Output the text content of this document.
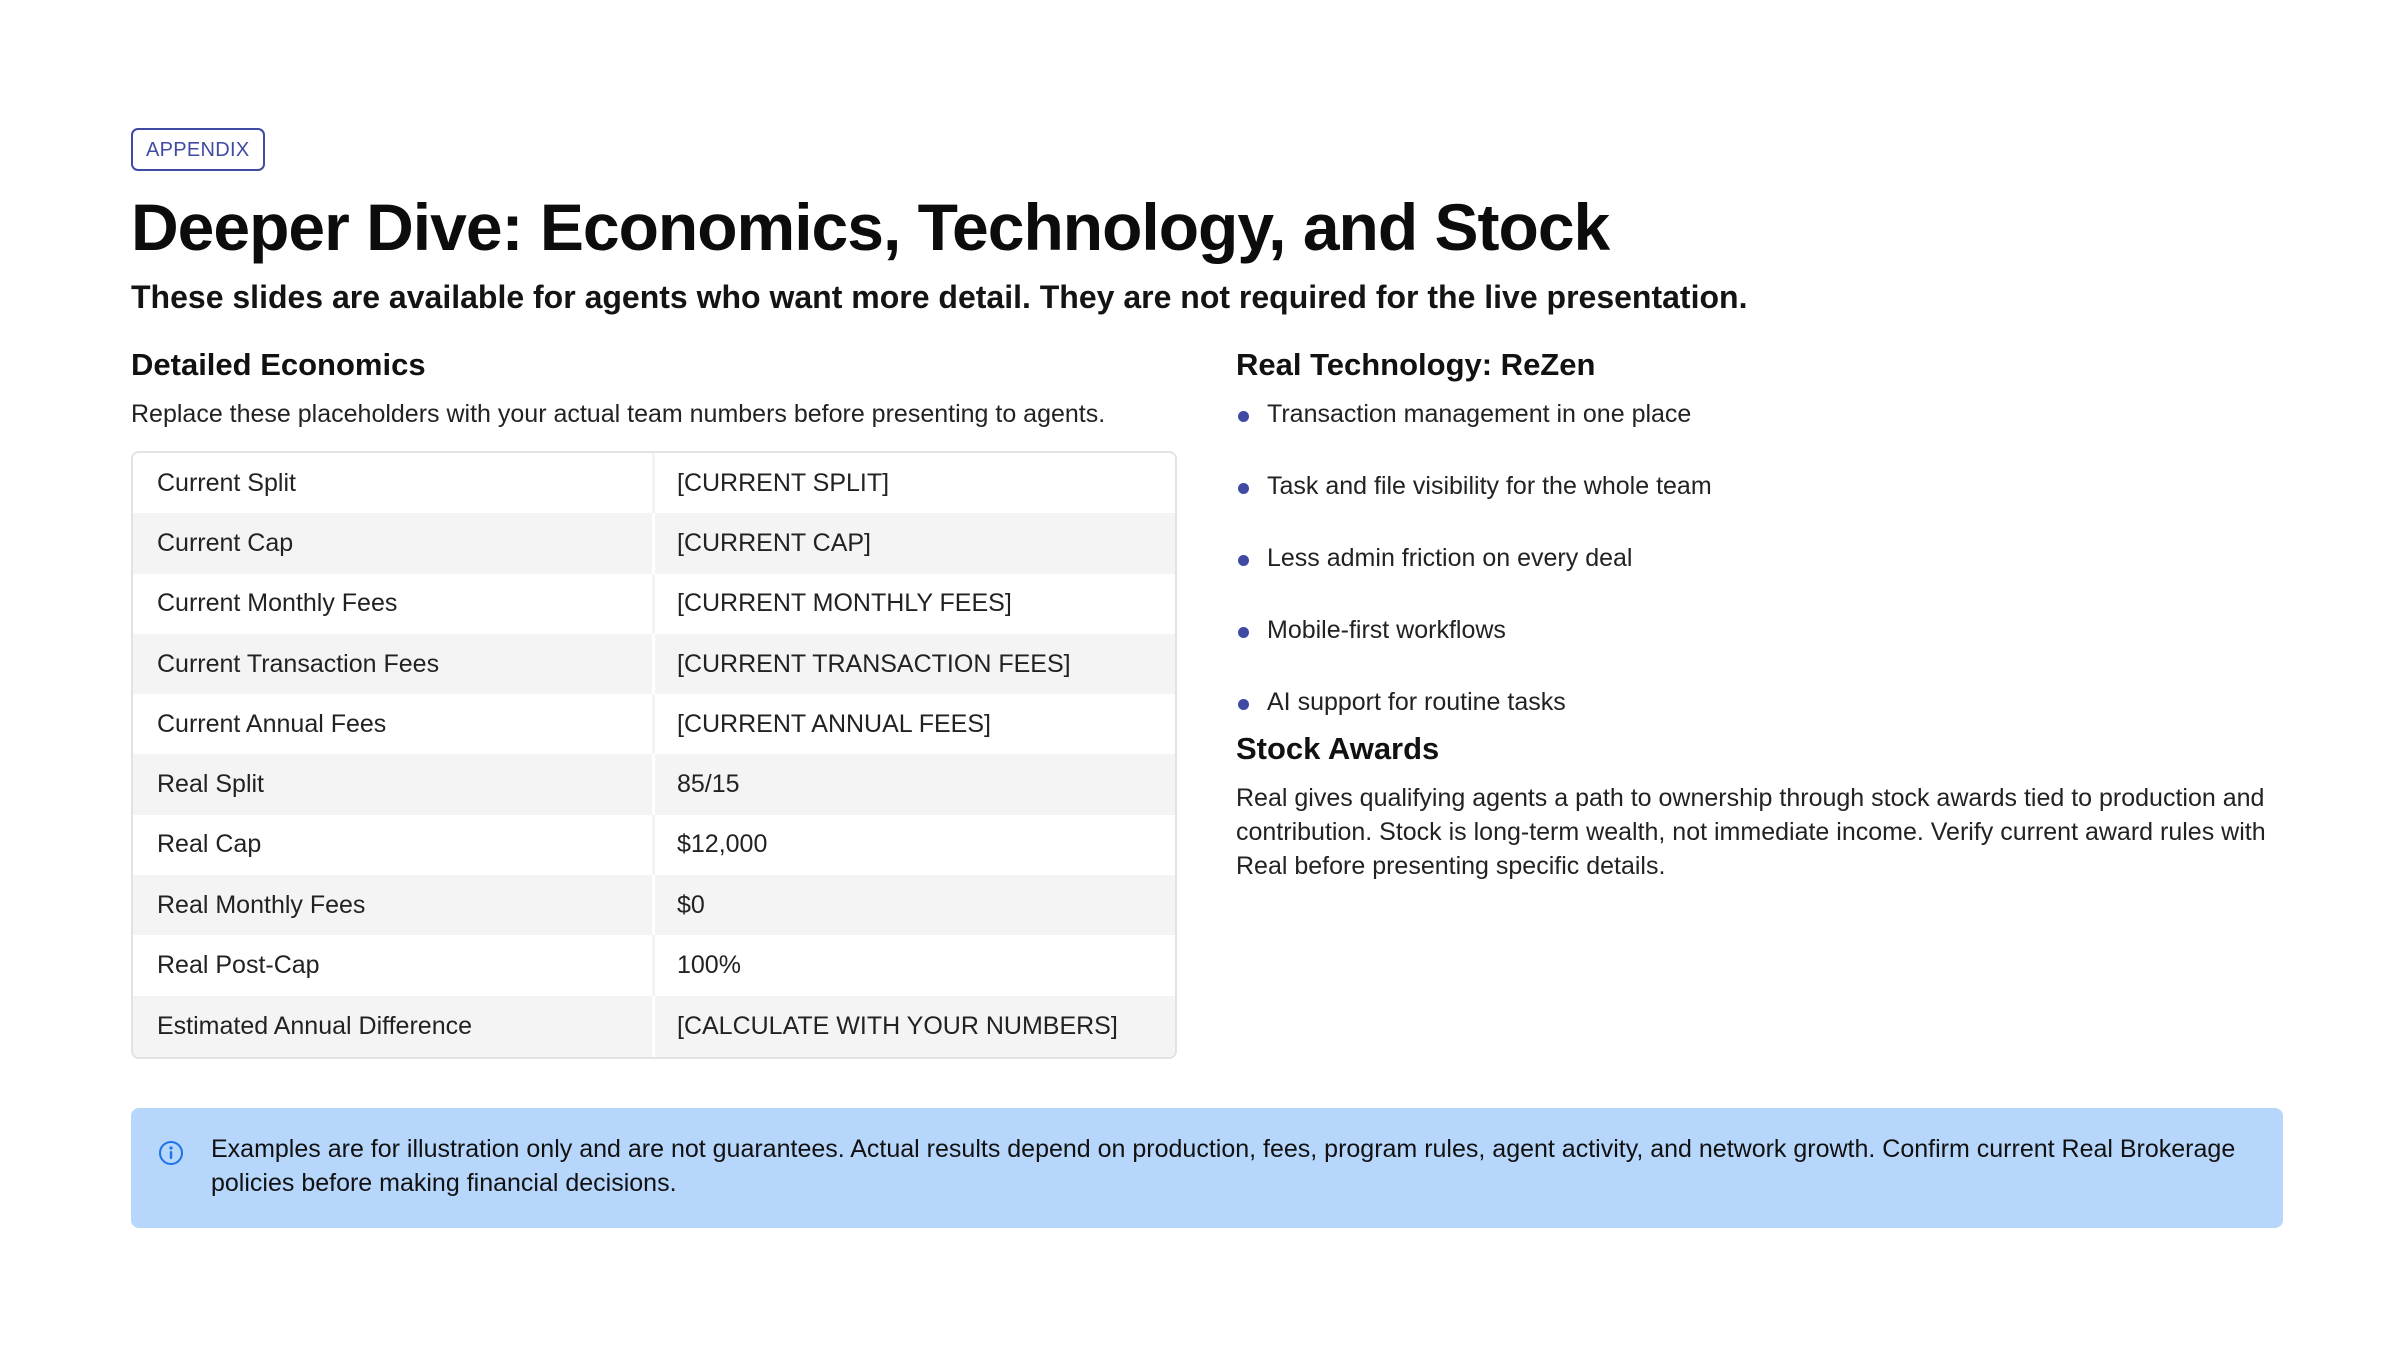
APPENDIX
Deeper Dive: Economics, Technology, and Stock

These slides are available for agents who want more detail. They are not required for the live presentation.

Detailed Economics

Replace these placeholders with your actual team numbers before presenting to agents.

Current Split	[CURRENT SPLIT]
Current Cap	[CURRENT CAP]
Current Monthly Fees	[CURRENT MONTHLY FEES]
Current Transaction Fees	[CURRENT TRANSACTION FEES]
Current Annual Fees	[CURRENT ANNUAL FEES]
Real Split	85/15
Real Cap	$12,000
Real Monthly Fees	$0
Real Post-Cap	100%
Estimated Annual Difference	[CALCULATE WITH YOUR NUMBERS]
Real Technology: ReZen
Transaction management in one place
Task and file visibility for the whole team
Less admin friction on every deal
Mobile-first workflows
AI support for routine tasks
Stock Awards

Real gives qualifying agents a path to ownership through stock awards tied to production and contribution. Stock is long-term wealth, not immediate income. Verify current award rules with Real before presenting specific details.

Examples are for illustration only and are not guarantees. Actual results depend on production, fees, program rules, agent activity, and network growth. Confirm current Real Brokerage policies before making financial decisions.
